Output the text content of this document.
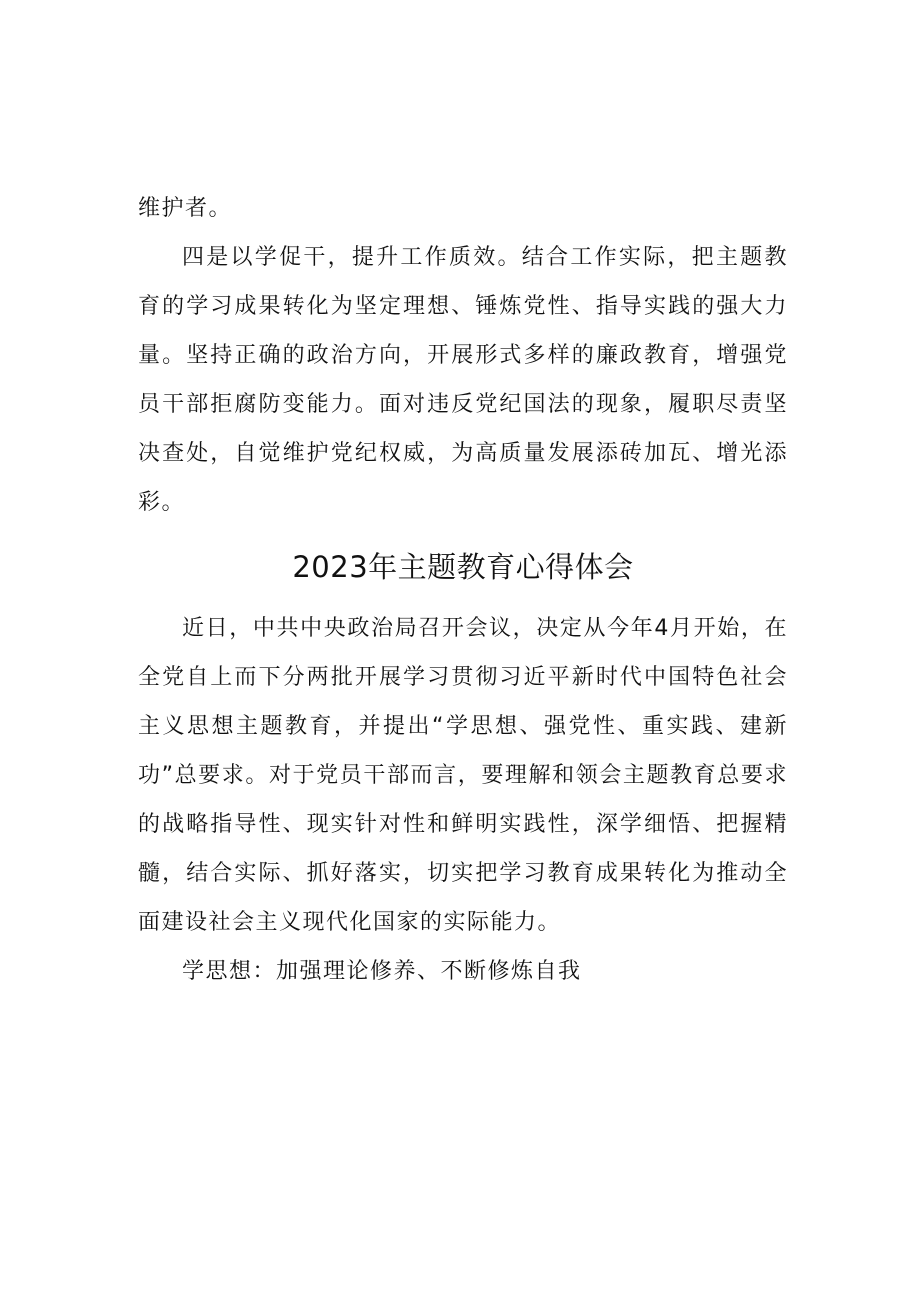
维护者。

四是以学促干，提升工作质效。结合工作实际，把主题教育的学习成果转化为坚定理想、锤炼党性、指导实践的强大力量。坚持正确的政治方向，开展形式多样的廉政教育，增强党员干部拒腐防变能力。面对违反党纪国法的现象，履职尽责坚决查处，自觉维护党纪权威，为高质量发展添砖加瓦、增光添彩。

2023年主题教育心得体会

近日，中共中央政治局召开会议，决定从今年4月开始，在全党自上而下分两批开展学习贯彻习近平新时代中国特色社会主义思想主题教育，并提出“学思想、强党性、重实践、建新功”总要求。对于党员干部而言，要理解和领会主题教育总要求的战略指导性、现实针对性和鲜明实践性，深学细悟、把握精髓，结合实际、抓好落实，切实把学习教育成果转化为推动全面建设社会主义现代化国家的实际能力。

学思想：加强理论修养、不断修炼自我
